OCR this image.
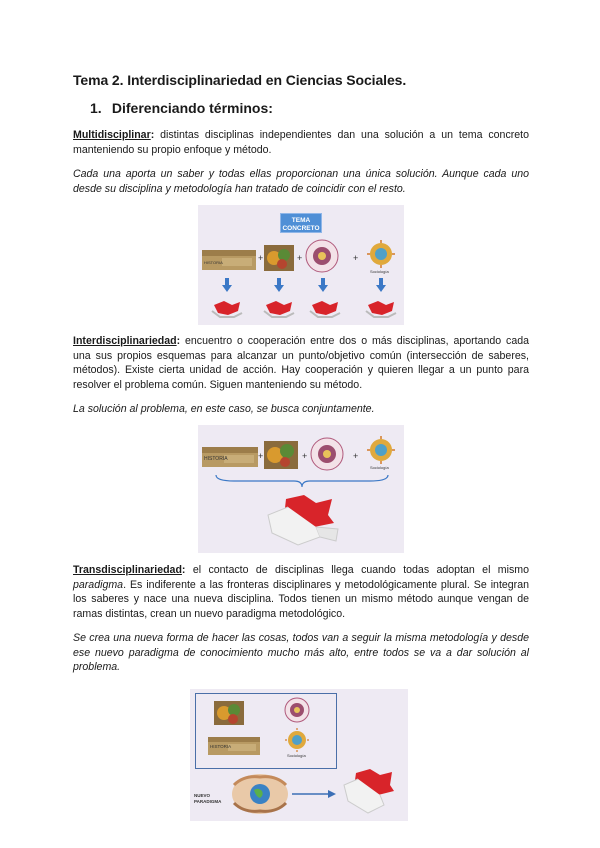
Tema 2. Interdisciplinariedad en Ciencias Sociales.
1. Diferenciando términos:
Multidisciplinar: distintas disciplinas independientes dan una solución a un tema concreto manteniendo su propio enfoque y método.
Cada una aporta un saber y todas ellas proporcionan una única solución. Aunque cada uno desde su disciplina y metodología han tratado de coincidir con el resto.
TEMA CONCRETO
HISTORIA	+	+	+
Sociología
Interdisciplinariedad: encuentro o cooperación entre dos o más disciplinas, aportando cada una sus propios esquemas para alcanzar un punto/objetivo común (intersección de saberes, métodos). Existe cierta unidad de acción. Hay cooperación y quieren llegar a un punto para resolver el problema común. Siguen manteniendo su método.
La solución al problema, en este caso, se busca conjuntamente.
HISTORIA	+	+	+
Sociología
Transdisciplinariedad: el contacto de disciplinas llega cuando todas adoptan el mismo paradigma. Es indiferente a las fronteras disciplinares y metodológicamente plural. Se integran los saberes y nace una nueva disciplina. Todos tienen un mismo método aunque vengan de ramas distintas, crean un nuevo paradigma metodológico.
Se crea una nueva forma de hacer las cosas, todos van a seguir la misma metodología y desde ese nuevo paradigma de conocimiento mucho más alto, entre todos se va a dar solución al problema.
HISTORIA
Sociología
NUEVO PARADIGMA
